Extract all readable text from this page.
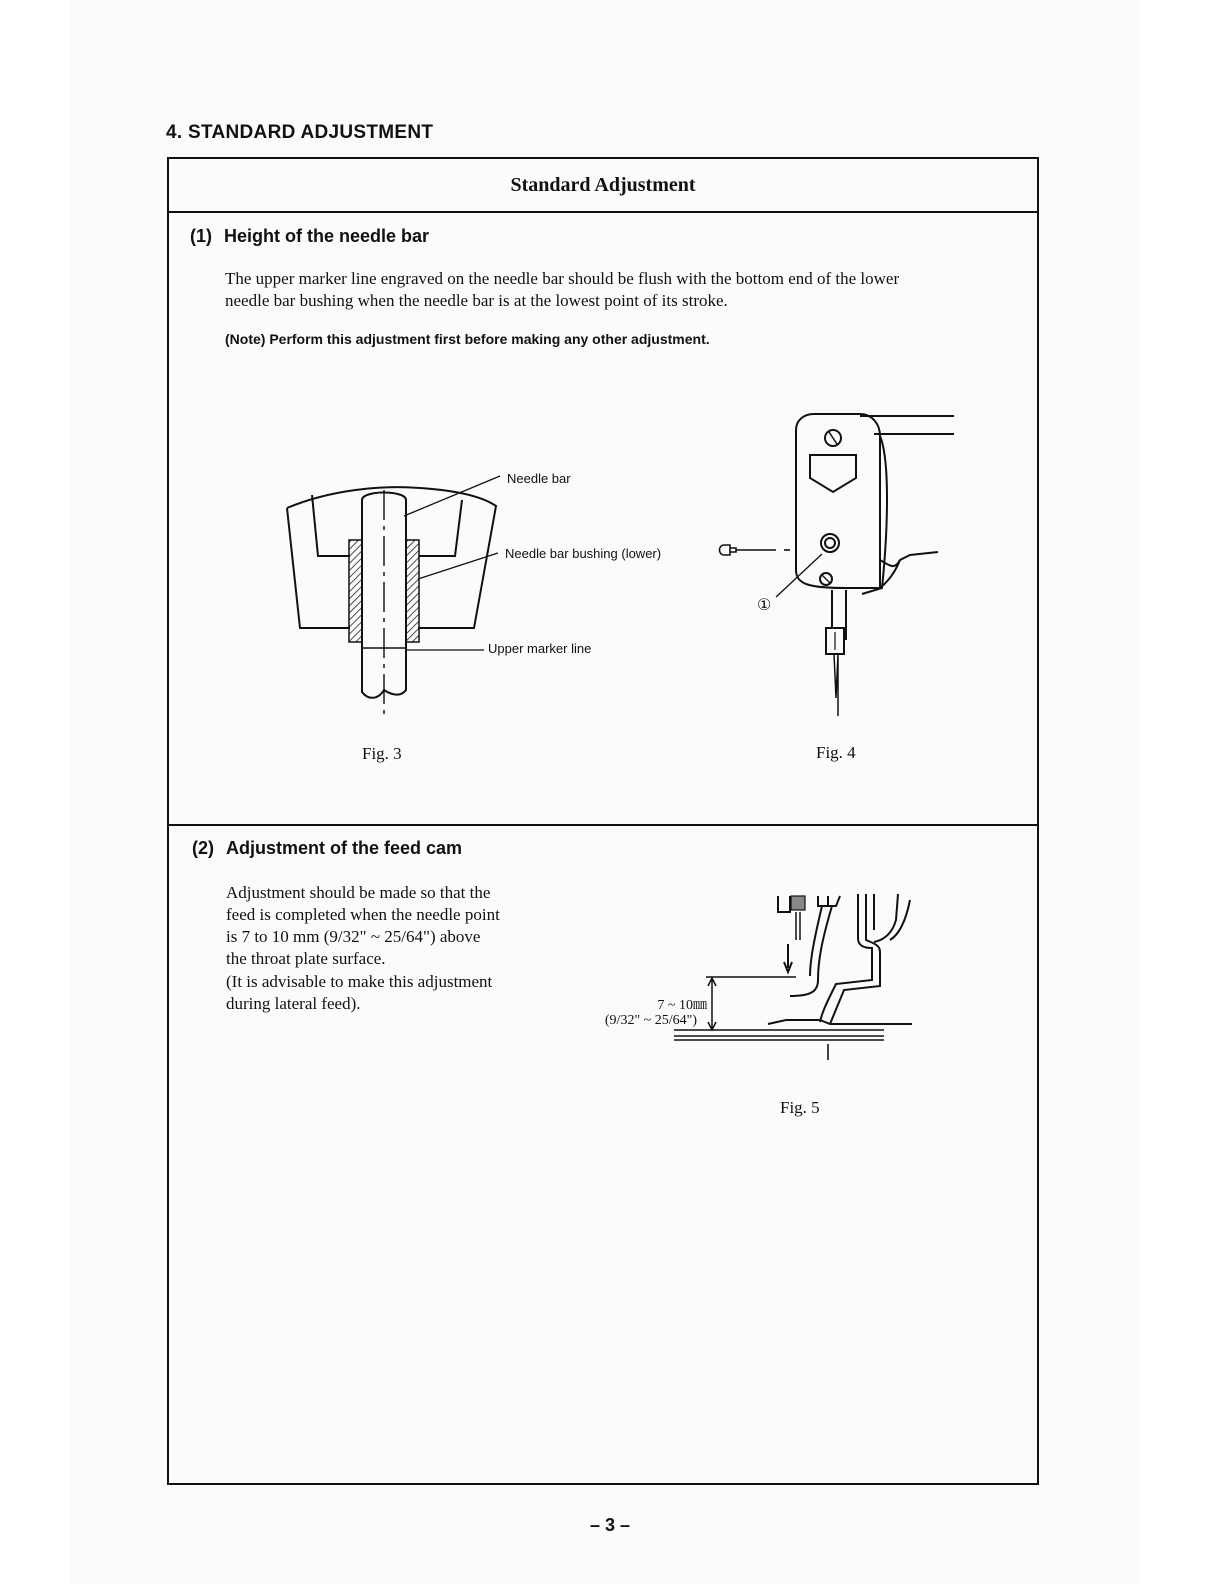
4. STANDARD ADJUSTMENT
Standard Adjustment
(1) Height of the needle bar
The upper marker line engraved on the needle bar should be flush with the bottom end of the lower
needle bar bushing when the needle bar is at the lowest point of its stroke.
(Note) Perform this adjustment first before making any other adjustment.
Needle bar
Needle bar bushing (lower)
Upper marker line
Fig. 3
①
Fig. 4
(2) Adjustment of the feed cam
Adjustment should be made so that the
feed is completed when the needle point
is 7 to 10 mm (9/32" ~ 25/64") above
the throat plate surface.
(It is advisable to make this adjustment
during lateral feed).	7 ~ 10㎜
(9/32" ~ 25/64")
Fig. 5
– 3 –
